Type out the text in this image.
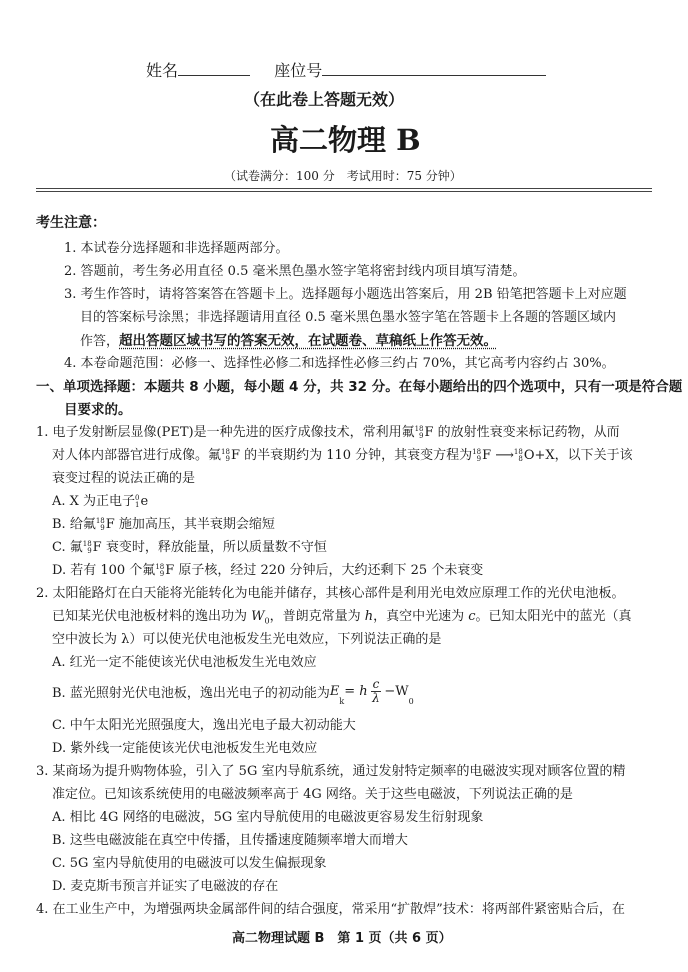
姓名	座位号
（在此卷上答题无效）
高二物理 B
（试卷满分：100 分　考试用时：75 分钟）
考生注意：
1. 本试卷分选择题和非选择题两部分。
2. 答题前，考生务必用直径 0.5 毫米黑色墨水签字笔将密封线内项目填写清楚。
3. 考生作答时，请将答案答在答题卡上。选择题每小题选出答案后，用 2B 铅笔把答题卡上对应题
目的答案标号涂黑；非选择题请用直径 0.5 毫米黑色墨水签字笔在答题卡上各题的答题区域内
作答，超出答题区域书写的答案无效，在试题卷、草稿纸上作答无效。
4. 本卷命题范围：必修一、选择性必修二和选择性必修三约占 70%，其它高考内容约占 30%。
一、单项选择题：本题共 8 小题，每小题 4 分，共 32 分。在每小题给出的四个选项中，只有一项是符合题
目要求的。
1. 电子发射断层显像(PET)是一种先进的医疗成像技术，常利用氟 18
9 F 的放射性衰变来标记药物，从而
对人体内部器官进行成像。氟 18
9 F 的半衰期约为 110 分钟，其衰变方程为 18
9 F ⟶ 18
8 O+X，以下关于该
衰变过程的说法正确的是
A. X 为正电子 0
1 e
B. 给氟 18
9 F 施加高压，其半衰期会缩短
C. 氟 18
9 F 衰变时，释放能量，所以质量数不守恒
D. 若有 100 个氟 18
9 F 原子核，经过 220 分钟后，大约还剩下 25 个未衰变
2. 太阳能路灯在白天能将光能转化为电能并储存，其核心部件是利用光电效应原理工作的光伏电池板。
已知某光伏电池板材料的逸出功为 $W_0$，普朗克常量为 h，真空中光速为 c。已知太阳光中的蓝光（真
空中波长为 λ）可以使光伏电池板发生光电效应，下列说法正确的是
A. 红光一定不能使该光伏电池板发生光电效应
B. 蓝光照射光伏电池板，逸出光电子的初动能为 E
$_k$
= h $\frac{c}{\lambda} -W$
$_0$
C. 中午太阳光光照强度大，逸出光电子最大初动能大
D. 紫外线一定能使该光伏电池板发生光电效应
3. 某商场为提升购物体验，引入了 5G 室内导航系统，通过发射特定频率的电磁波实现对顾客位置的精
准定位。已知该系统使用的电磁波频率高于 4G 网络。关于这些电磁波，下列说法正确的是
A. 相比 4G 网络的电磁波，5G 室内导航使用的电磁波更容易发生衍射现象
B. 这些电磁波能在真空中传播，且传播速度随频率增大而增大
C. 5G 室内导航使用的电磁波可以发生偏振现象
D. 麦克斯韦预言并证实了电磁波的存在
4. 在工业生产中，为增强两块金属部件间的结合强度，常采用“扩散焊”技术：将两部件紧密贴合后，在
高二物理试题 B　第 1 页（共 6 页）
